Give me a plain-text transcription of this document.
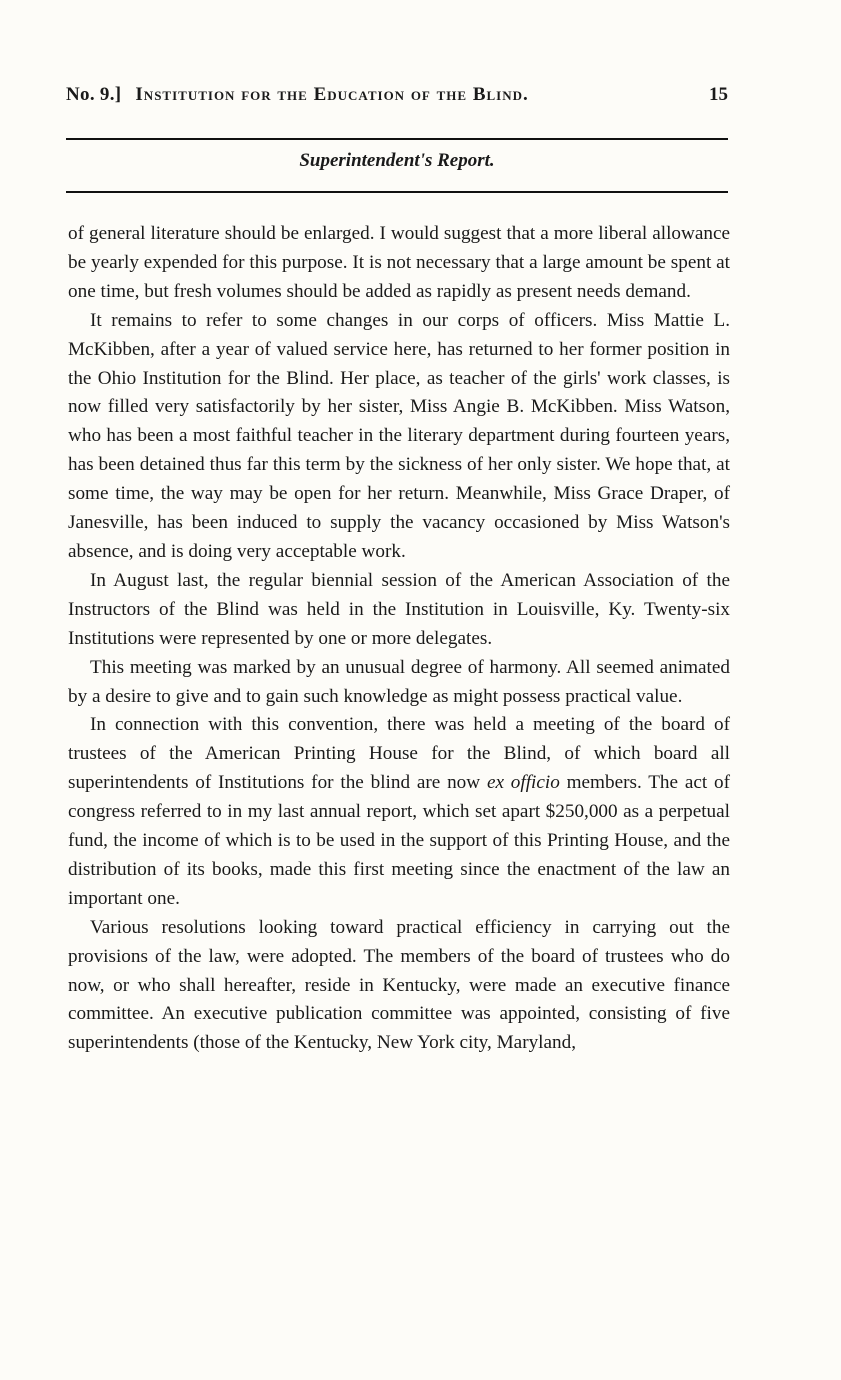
No. 9.] Institution for the Education of the Blind.	15
Superintendent's Report.

of general literature should be enlarged. I would suggest that a more liberal allowance be yearly expended for this purpose. It is not necessary that a large amount be spent at one time, but fresh volumes should be added as rapidly as present needs demand.

It remains to refer to some changes in our corps of officers. Miss Mattie L. McKibben, after a year of valued service here, has returned to her former position in the Ohio Institution for the Blind. Her place, as teacher of the girls' work classes, is now filled very satisfactorily by her sister, Miss Angie B. McKibben. Miss Watson, who has been a most faithful teacher in the literary department during fourteen years, has been detained thus far this term by the sickness of her only sister. We hope that, at some time, the way may be open for her return. Meanwhile, Miss Grace Draper, of Janesville, has been induced to supply the vacancy occasioned by Miss Watson's absence, and is doing very acceptable work.

In August last, the regular biennial session of the American Association of the Instructors of the Blind was held in the Institution in Louisville, Ky. Twenty-six Institutions were represented by one or more delegates.

This meeting was marked by an unusual degree of harmony. All seemed animated by a desire to give and to gain such knowledge as might possess practical value.

In connection with this convention, there was held a meeting of the board of trustees of the American Printing House for the Blind, of which board all superintendents of Institutions for the blind are now ex officio members. The act of congress referred to in my last annual report, which set apart $250,000 as a perpetual fund, the income of which is to be used in the support of this Printing House, and the distribution of its books, made this first meeting since the enactment of the law an important one.

Various resolutions looking toward practical efficiency in carrying out the provisions of the law, were adopted. The members of the board of trustees who do now, or who shall hereafter, reside in Kentucky, were made an executive finance committee. An executive publication committee was appointed, consisting of five superintendents (those of the Kentucky, New York city, Maryland,
